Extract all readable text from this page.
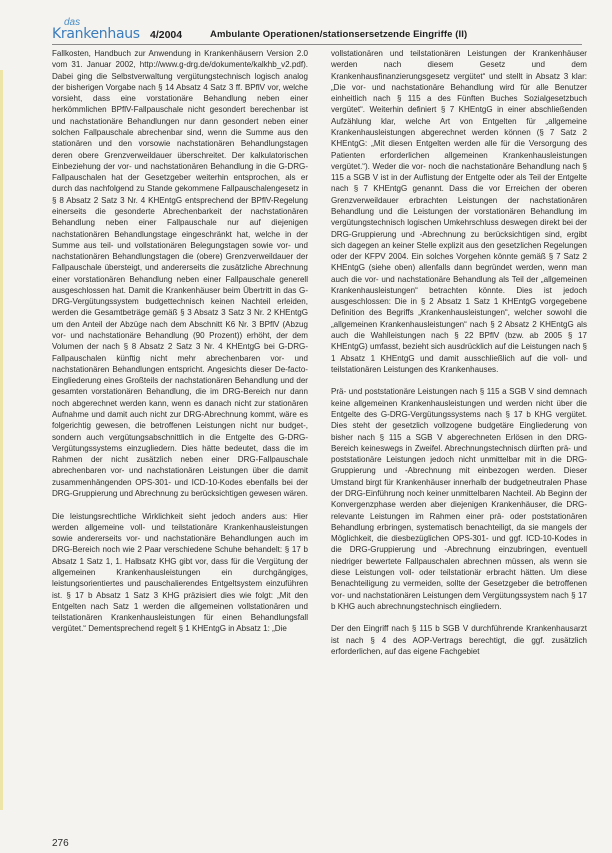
das
Krankenhaus 4/2004	Ambulante Operationen/stationsersetzende Eingriffe (II)

Fallkosten, Handbuch zur Anwendung in Krankenhäusern Version 2.0 vom 31. Januar 2002, http://www.g-drg.de/dokumente/kalkhb_v2.pdf). Dabei ging die Selbstverwaltung vergütungstechnisch logisch analog der bisherigen Vorgabe nach § 14 Absatz 4 Satz 3 ff. BPflV vor, welche vorsieht, dass eine vorstationäre Behandlung neben einer herkömmlichen BPflV-Fallpauschale nicht gesondert berechenbar ist und nachstationäre Behandlungen nur dann gesondert neben einer solchen Fallpauschale abrechenbar sind, wenn die Summe aus den stationären und den vorsowie nachstationären Behandlungstagen deren obere Grenzverweildauer überschreitet. Der kalkulatorischen Einbeziehung der vor- und nachstationären Behandlung in die G-DRG-Fallpauschalen hat der Gesetzgeber weiterhin entsprochen, als er durch das nachfolgend zu Stande gekommene Fallpauschalengesetz in § 8 Absatz 2 Satz 3 Nr. 4 KHEntgG entsprechend der BPflV-Regelung einerseits die gesonderte Abrechenbarkeit der nachstationären Behandlung neben einer Fallpauschale nur auf diejenigen nachstationären Behandlungstage eingeschränkt hat, welche in der Summe aus teil- und vollstationären Belegungstagen sowie vor- und nachstationären Behandlungstagen die (obere) Grenzverweildauer der Fallpauschale übersteigt, und andererseits die zusätzliche Abrechnung einer vorstationären Behandlung neben einer Fallpauschale generell ausgeschlossen hat. Damit die Krankenhäuser beim Übertritt in das G-DRG-Vergütungssystem budgettechnisch keinen Nachteil erleiden, werden die Gesamtbeträge gemäß § 3 Absatz 3 Satz 3 Nr. 2 KHEntgG um den Anteil der Abzüge nach dem Abschnitt K6 Nr. 3 BPflV (Abzug vor- und nachstationäre Behandlung (90 Prozent)) erhöht, der dem Volumen der nach § 8 Absatz 2 Satz 3 Nr. 4 KHEntgG bei G-DRG-Fallpauschalen künftig nicht mehr abrechenbaren vor- und nachstationären Behandlungen entspricht. Angesichts dieser De-facto-Eingliederung eines Großteils der nachstationären Behandlung und der gesamten vorstationären Behandlung, die im DRG-Bereich nur dann noch abgerechnet werden kann, wenn es danach nicht zur stationären Aufnahme und damit auch nicht zur DRG-Abrechnung kommt, wäre es folgerichtig gewesen, die betroffenen Leistungen nicht nur budget-, sondern auch vergütungsabschnittlich in die Entgelte des G-DRG-Vergütungssystems einzugliedern. Dies hätte bedeutet, dass die im Rahmen der nicht zusätzlich neben einer DRG-Fallpauschale abrechenbaren vor- und nachstationären Leistungen über die damit zusammenhängenden OPS-301- und ICD-10-Kodes ebenfalls bei der DRG-Gruppierung und Abrechnung zu berücksichtigen gewesen wären.

Die leistungsrechtliche Wirklichkeit sieht jedoch anders aus: Hier werden allgemeine voll- und teilstationäre Krankenhausleistungen sowie andererseits vor- und nachstationäre Behandlungen auch im DRG-Bereich noch wie 2 Paar verschiedene Schuhe behandelt: § 17 b Absatz 1 Satz 1, 1. Halbsatz KHG gibt vor, dass für die Vergütung der allgemeinen Krankenhausleistungen ein durchgängiges, leistungsorientiertes und pauschalierendes Entgeltsystem einzuführen ist. § 17 b Absatz 1 Satz 3 KHG präzisiert dies wie folgt: „Mit den Entgelten nach Satz 1 werden die allgemeinen vollstationären und teilstationären Krankenhausleistungen für einen Behandlungsfall vergütet.“ Dementsprechend regelt § 1 KHEntgG in Absatz 1: „Die

vollstationären und teilstationären Leistungen der Krankenhäuser werden nach diesem Gesetz und dem Krankenhausfinanzierungsgesetz vergütet“ und stellt in Absatz 3 klar: „Die vor- und nachstationäre Behandlung wird für alle Benutzer einheitlich nach § 115 a des Fünften Buches Sozialgesetzbuch vergütet“. Weiterhin definiert § 7 KHEntgG in einer abschließenden Aufzählung klar, welche Art von Entgelten für „allgemeine Krankenhausleistungen abgerechnet werden können (§ 7 Satz 2 KHEntgG: „Mit diesen Entgelten werden alle für die Versorgung des Patienten erforderlichen allgemeinen Krankenhausleistungen vergütet.“). Weder die vor- noch die nachstationäre Behandlung nach § 115 a SGB V ist in der Auflistung der Entgelte oder als Teil der Entgelte nach § 7 KHEntgG genannt. Dass die vor Erreichen der oberen Grenzverweildauer erbrachten Leistungen der nachstationären Behandlung und die Leistungen der vorstationären Behandlung im vergütungstechnisch logischen Umkehrschluss deswegen direkt bei der DRG-Gruppierung und -Abrechnung zu berücksichtigen sind, ergibt sich dagegen an keiner Stelle explizit aus den gesetzlichen Regelungen oder der KFPV 2004. Ein solches Vorgehen könnte gemäß § 7 Satz 2 KHEntgG (siehe oben) allenfalls dann begründet werden, wenn man auch die vor- und nachstationäre Behandlung als Teil der „allgemeinen Krankenhausleistungen“ betrachten könnte. Dies ist jedoch ausgeschlossen: Die in § 2 Absatz 1 Satz 1 KHEntgG vorgegebene Definition des Begriffs „Krankenhausleistungen“, welcher sowohl die „allgemeinen Krankenhausleistungen“ nach § 2 Absatz 2 KHEntgG als auch die Wahlleistungen nach § 22 BPflV (bzw. ab 2005 § 17 KHEntgG) umfasst, bezieht sich ausdrücklich auf die Leistungen nach § 1 Absatz 1 KHEntgG und damit ausschließlich auf die voll- und teilstationären Leistungen des Krankenhauses.

Prä- und poststationäre Leistungen nach § 115 a SGB V sind demnach keine allgemeinen Krankenhausleistungen und werden nicht über die Entgelte des G-DRG-Vergütungssystems nach § 17 b KHG vergütet. Dies steht der gesetzlich vollzogene budgetäre Eingliederung von bisher nach § 115 a SGB V abgerechneten Erlösen in den DRG-Bereich keineswegs in Zweifel. Abrechnungstechnisch dürften prä- und poststationäre Leistungen jedoch nicht unmittelbar mit in die DRG-Gruppierung und -Abrechnung mit einbezogen werden. Dieser Umstand birgt für Krankenhäuser innerhalb der budgetneutralen Phase der DRG-Einführung noch keiner unmittelbaren Nachteil. Ab Beginn der Konvergenzphase werden aber diejenigen Krankenhäuser, die DRG-relevante Leistungen im Rahmen einer prä- oder poststationären Behandlung erbringen, systematisch benachteiligt, da sie mangels der Möglichkeit, die diesbezüglichen OPS-301- und ggf. ICD-10-Kodes in die DRG-Gruppierung und -Abrechnung einzubringen, eventuell niedriger bewertete Fallpauschalen abrechnen müssen, als wenn sie diese Leistungen voll- oder teilstationär erbracht hätten. Um diese Benachteiligung zu vermeiden, sollte der Gesetzgeber die betroffenen vor- und nachstationären Leistungen dem Vergütungssystem nach § 17 b KHG auch abrechnungstechnisch eingliedern.

Der den Eingriff nach § 115 b SGB V durchführende Krankenhausarzt ist nach § 4 des AOP-Vertrags berechtigt, die ggf. zusätzlich erforderlichen, auf das eigene Fachgebiet

276
